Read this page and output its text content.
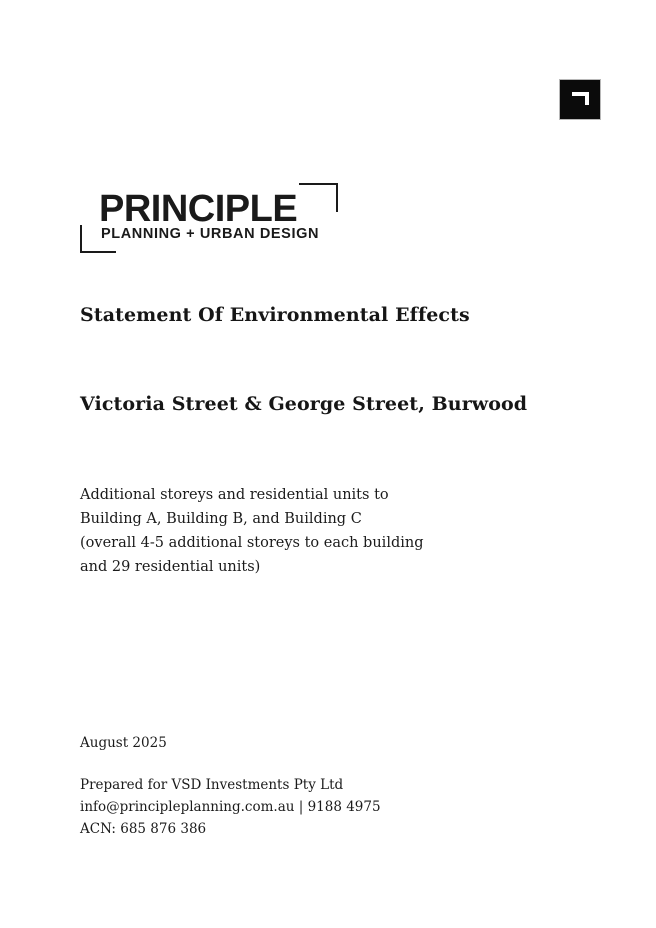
PRINCIPLE
PLANNING + URBAN DESIGN
Statement Of Environmental Effects
Victoria Street & George Street, Burwood
Additional storeys and residential units to
Building A, Building B, and Building C
(overall 4-5 additional storeys to each building
and 29 residential units)
August 2025
Prepared for VSD Investments Pty Ltd
info@principleplanning.com.au | 9188 4975
ACN: 685 876 386
